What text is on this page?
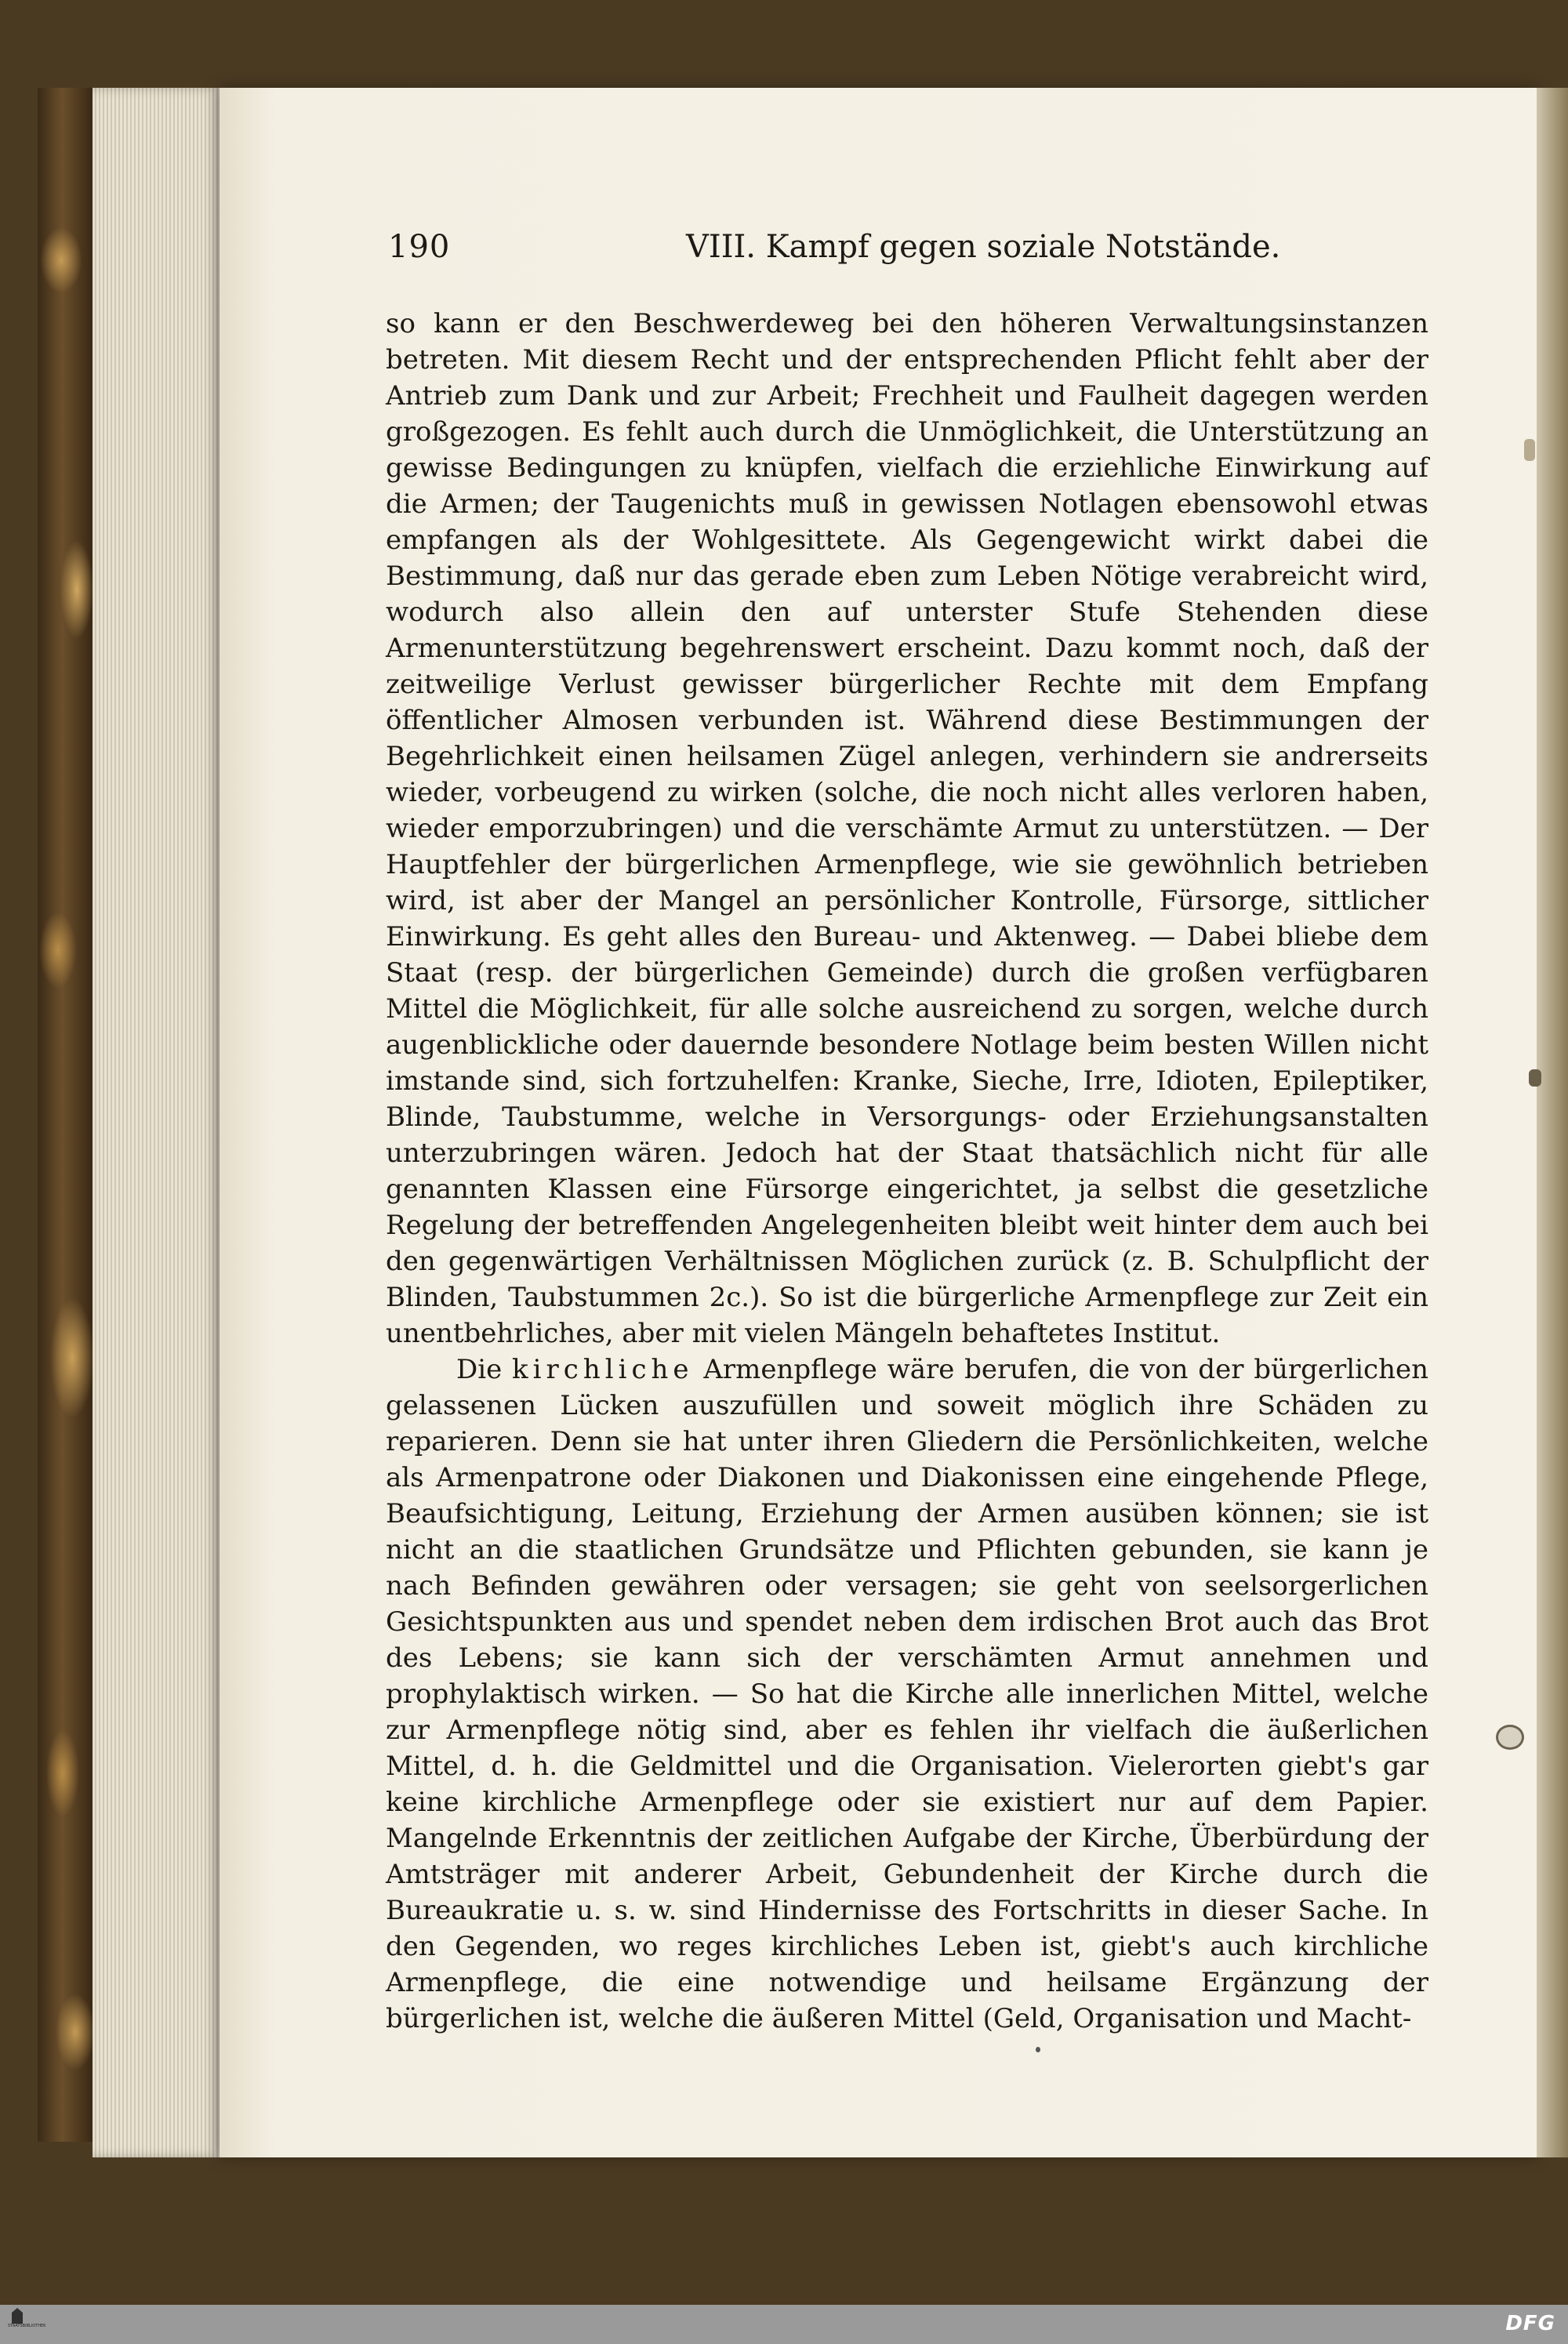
190	VIII. Kampf gegen soziale Notstände.

so kann er den Beschwerdeweg bei den höheren Verwaltungsinstanzen betreten. Mit diesem Recht und der entsprechenden Pflicht fehlt aber der Antrieb zum Dank und zur Arbeit; Frechheit und Faulheit dagegen werden großgezogen. Es fehlt auch durch die Unmöglichkeit, die Unterstützung an gewisse Bedingungen zu knüpfen, vielfach die erziehliche Einwirkung auf die Armen; der Taugenichts muß in gewissen Notlagen ebensowohl etwas empfangen als der Wohlgesittete. Als Gegengewicht wirkt dabei die Bestimmung, daß nur das gerade eben zum Leben Nötige verabreicht wird, wodurch also allein den auf unterster Stufe Stehenden diese Armenunterstützung begehrenswert erscheint. Dazu kommt noch, daß der zeitweilige Verlust gewisser bürgerlicher Rechte mit dem Empfang öffentlicher Almosen verbunden ist. Während diese Bestimmungen der Begehrlichkeit einen heilsamen Zügel anlegen, verhindern sie andrerseits wieder, vorbeugend zu wirken (solche, die noch nicht alles verloren haben, wieder emporzubringen) und die verschämte Armut zu unterstützen. — Der Hauptfehler der bürgerlichen Armenpflege, wie sie gewöhnlich betrieben wird, ist aber der Mangel an persönlicher Kontrolle, Fürsorge, sittlicher Einwirkung. Es geht alles den Bureau- und Aktenweg. — Dabei bliebe dem Staat (resp. der bürgerlichen Gemeinde) durch die großen verfügbaren Mittel die Möglichkeit, für alle solche ausreichend zu sorgen, welche durch augenblickliche oder dauernde besondere Notlage beim besten Willen nicht imstande sind, sich fortzuhelfen: Kranke, Sieche, Irre, Idioten, Epileptiker, Blinde, Taubstumme, welche in Versorgungs- oder Erziehungsanstalten unterzubringen wären. Jedoch hat der Staat thatsächlich nicht für alle genannten Klassen eine Fürsorge eingerichtet, ja selbst die gesetzliche Regelung der betreffenden Angelegenheiten bleibt weit hinter dem auch bei den gegenwärtigen Verhältnissen Möglichen zurück (z. B. Schulpflicht der Blinden, Taubstummen 2c.). So ist die bürgerliche Armenpflege zur Zeit ein unentbehrliches, aber mit vielen Mängeln behaftetes Institut.

Die kirchliche Armenpflege wäre berufen, die von der bürgerlichen gelassenen Lücken auszufüllen und soweit möglich ihre Schäden zu reparieren. Denn sie hat unter ihren Gliedern die Persönlichkeiten, welche als Armenpatrone oder Diakonen und Diakonissen eine eingehende Pflege, Beaufsichtigung, Leitung, Erziehung der Armen ausüben können; sie ist nicht an die staatlichen Grundsätze und Pflichten gebunden, sie kann je nach Befinden gewähren oder versagen; sie geht von seelsorgerlichen Gesichtspunkten aus und spendet neben dem irdischen Brot auch das Brot des Lebens; sie kann sich der verschämten Armut annehmen und prophylaktisch wirken. — So hat die Kirche alle innerlichen Mittel, welche zur Armenpflege nötig sind, aber es fehlen ihr vielfach die äußerlichen Mittel, d. h. die Geldmittel und die Organisation. Vielerorten giebt's gar keine kirchliche Armenpflege oder sie existiert nur auf dem Papier. Mangelnde Erkenntnis der zeitlichen Aufgabe der Kirche, Überbürdung der Amtsträger mit anderer Arbeit, Gebundenheit der Kirche durch die Bureaukratie u. s. w. sind Hindernisse des Fortschritts in dieser Sache. In den Gegenden, wo reges kirchliches Leben ist, giebt's auch kirchliche Armenpflege, die eine notwendige und heilsame Ergänzung der bürgerlichen ist, welche die äußeren Mittel (Geld, Organisation und Macht-

STAATSBIBLIOTHEK	DFG
